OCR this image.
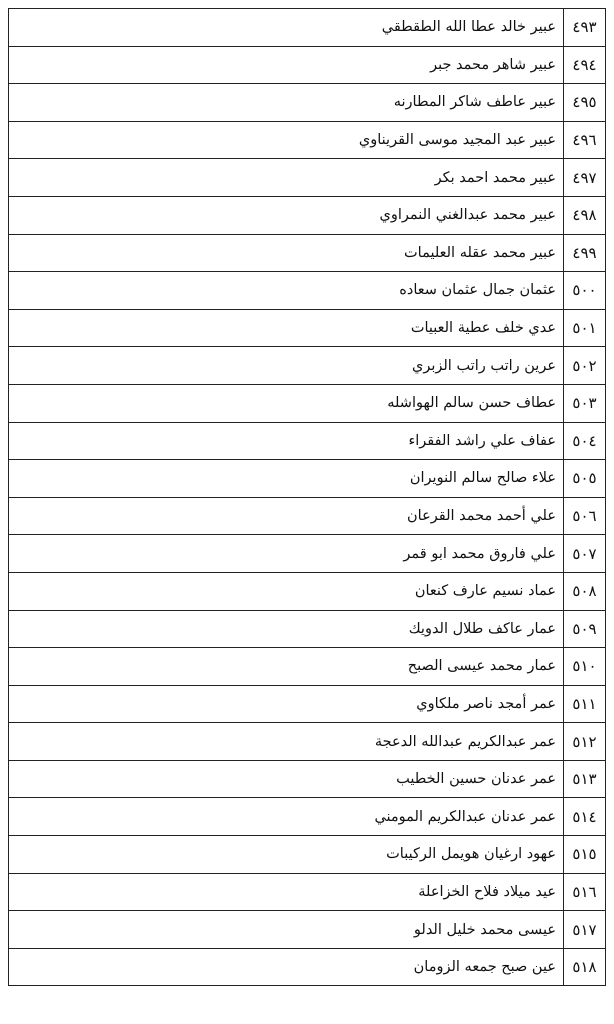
٤٩٣	عبير خالد عطا الله الطقطقي
٤٩٤	عبير شاهر محمد جبر
٤٩٥	عبير عاطف شاكر المطارنه
٤٩٦	عبير عبد المجيد موسى القريناوي
٤٩٧	عبير محمد احمد بكر
٤٩٨	عبير محمد عبدالغني النمراوي
٤٩٩	عبير محمد عقله العليمات
٥٠٠	عثمان جمال عثمان سعاده
٥٠١	عدي خلف عطية العبيات
٥٠٢	عرين راتب راتب الزبري
٥٠٣	عطاف حسن سالم الهواشله
٥٠٤	عفاف علي راشد الفقراء
٥٠٥	علاء صالح سالم النويران
٥٠٦	علي أحمد محمد القرعان
٥٠٧	علي فاروق محمد ابو قمر
٥٠٨	عماد نسيم عارف كنعان
٥٠٩	عمار عاكف طلال الدويك
٥١٠	عمار محمد عيسى الصبح
٥١١	عمر أمجد ناصر ملكاوي
٥١٢	عمر عبدالكريم عبدالله الدعجة
٥١٣	عمر عدنان حسين الخطيب
٥١٤	عمر عدنان عبدالكريم المومني
٥١٥	عهود ارغيان هويمل الركيبات
٥١٦	عيد ميلاد فلاح الخزاعلة
٥١٧	عيسى محمد خليل الدلو
٥١٨	عين صبح جمعه الزومان
